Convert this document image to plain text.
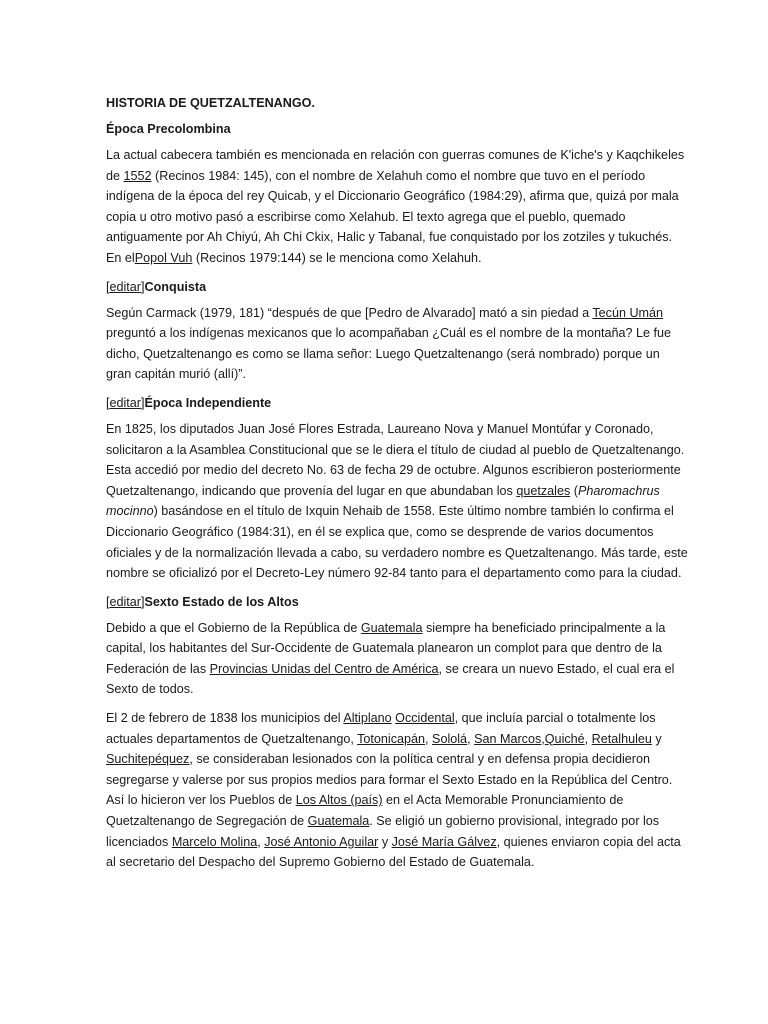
HISTORIA DE QUETZALTENANGO.
Época Precolombina

La actual cabecera también es mencionada en relación con guerras comunes de K'iche's y Kaqchikeles de 1552 (Recinos 1984: 145), con el nombre de Xelahuh como el nombre que tuvo en el período indígena de la época del rey Quicab, y el Diccionario Geográfico (1984:29), afirma que, quizá por mala copia u otro motivo pasó a escribirse como Xelahub. El texto agrega que el pueblo, quemado antiguamente por Ah Chiyú, Ah Chi Ckix, Halic y Tabanal, fue conquistado por los zotziles y tukuchés. En elPopol Vuh (Recinos 1979:144) se le menciona como Xelahuh.

[editar]Conquista

Según Carmack (1979, 181) “después de que [Pedro de Alvarado] mató a sin piedad a Tecún Umán preguntó a los indígenas mexicanos que lo acompañaban ¿Cuál es el nombre de la montaña? Le fue dicho, Quetzaltenango es como se llama señor: Luego Quetzaltenango (será nombrado) porque un gran capitán murió (allí)”.

[editar]Época Independiente

En 1825, los diputados Juan José Flores Estrada, Laureano Nova y Manuel Montúfar y Coronado, solicitaron a la Asamblea Constitucional que se le diera el título de ciudad al pueblo de Quetzaltenango. Esta accedió por medio del decreto No. 63 de fecha 29 de octubre. Algunos escribieron posteriormente Quetzaltenango, indicando que provenía del lugar en que abundaban los quetzales (Pharomachrus mocinno) basándose en el título de Ixquin Nehaib de 1558. Este último nombre también lo confirma el Diccionario Geográfico (1984:31), en él se explica que, como se desprende de varios documentos oficiales y de la normalización llevada a cabo, su verdadero nombre es Quetzaltenango. Más tarde, este nombre se oficializó por el Decreto-Ley número 92-84 tanto para el departamento como para la ciudad.

[editar]Sexto Estado de los Altos

Debido a que el Gobierno de la República de Guatemala siempre ha beneficiado principalmente a la capital, los habitantes del Sur-Occidente de Guatemala planearon un complot para que dentro de la Federación de las Provincias Unidas del Centro de América, se creara un nuevo Estado, el cual era el Sexto de todos.

El 2 de febrero de 1838 los municipios del Altiplano Occidental, que incluía parcial o totalmente los actuales departamentos de Quetzaltenango, Totonicapán, Sololá, San Marcos,Quiché, Retalhuleu y Suchitepéquez, se consideraban lesionados con la política central y en defensa propia decidieron segregarse y valerse por sus propios medios para formar el Sexto Estado en la República del Centro. Así lo hicieron ver los Pueblos de Los Altos (país) en el Acta Memorable Pronunciamiento de Quetzaltenango de Segregación de Guatemala. Se eligió un gobierno provisional, integrado por los licenciados Marcelo Molina, José Antonio Aguilar y José María Gálvez, quienes enviaron copia del acta al secretario del Despacho del Supremo Gobierno del Estado de Guatemala.
